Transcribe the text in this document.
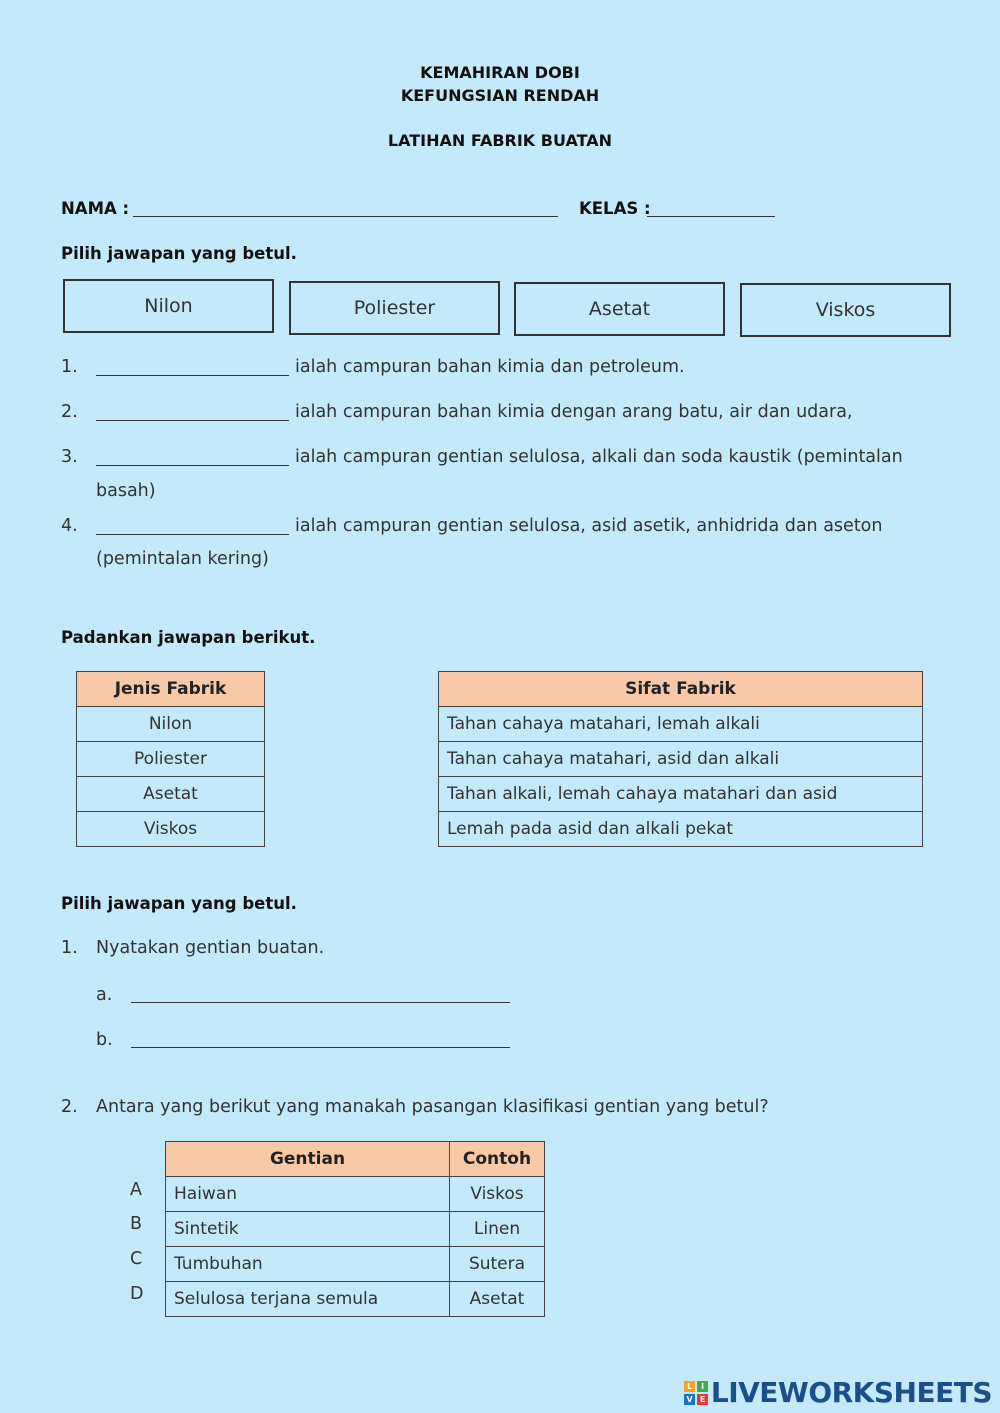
KEMAHIRAN DOBI
KEFUNGSIAN RENDAH
LATIHAN FABRIK BUATAN
NAMA :	KELAS :
Pilih jawapan yang betul.
Nilon	Poliester	Asetat	Viskos
1.	ialah campuran bahan kimia dan petroleum.
2.	ialah campuran bahan kimia dengan arang batu, air dan udara,
3.	ialah campuran gentian selulosa, alkali dan soda kaustik (pemintalan
basah)
4.	ialah campuran gentian selulosa, asid asetik, anhidrida dan aseton
(pemintalan kering)
Padankan jawapan berikut.
Jenis Fabrik
Nilon
Poliester
Asetat
Viskos
Sifat Fabrik
Tahan cahaya matahari, lemah alkali
Tahan cahaya matahari, asid dan alkali
Tahan alkali, lemah cahaya matahari dan asid
Lemah pada asid dan alkali pekat
Pilih jawapan yang betul.
1. Nyatakan gentian buatan.
a.
b.
2. Antara yang berikut yang manakah pasangan klasifikasi gentian yang betul?
A
B
C
D
Gentian	Contoh
Haiwan	Viskos
Sintetik	Linen
Tumbuhan	Sutera
Selulosa terjana semula	Asetat
L	I
V E LIVEWORKSHEETS
